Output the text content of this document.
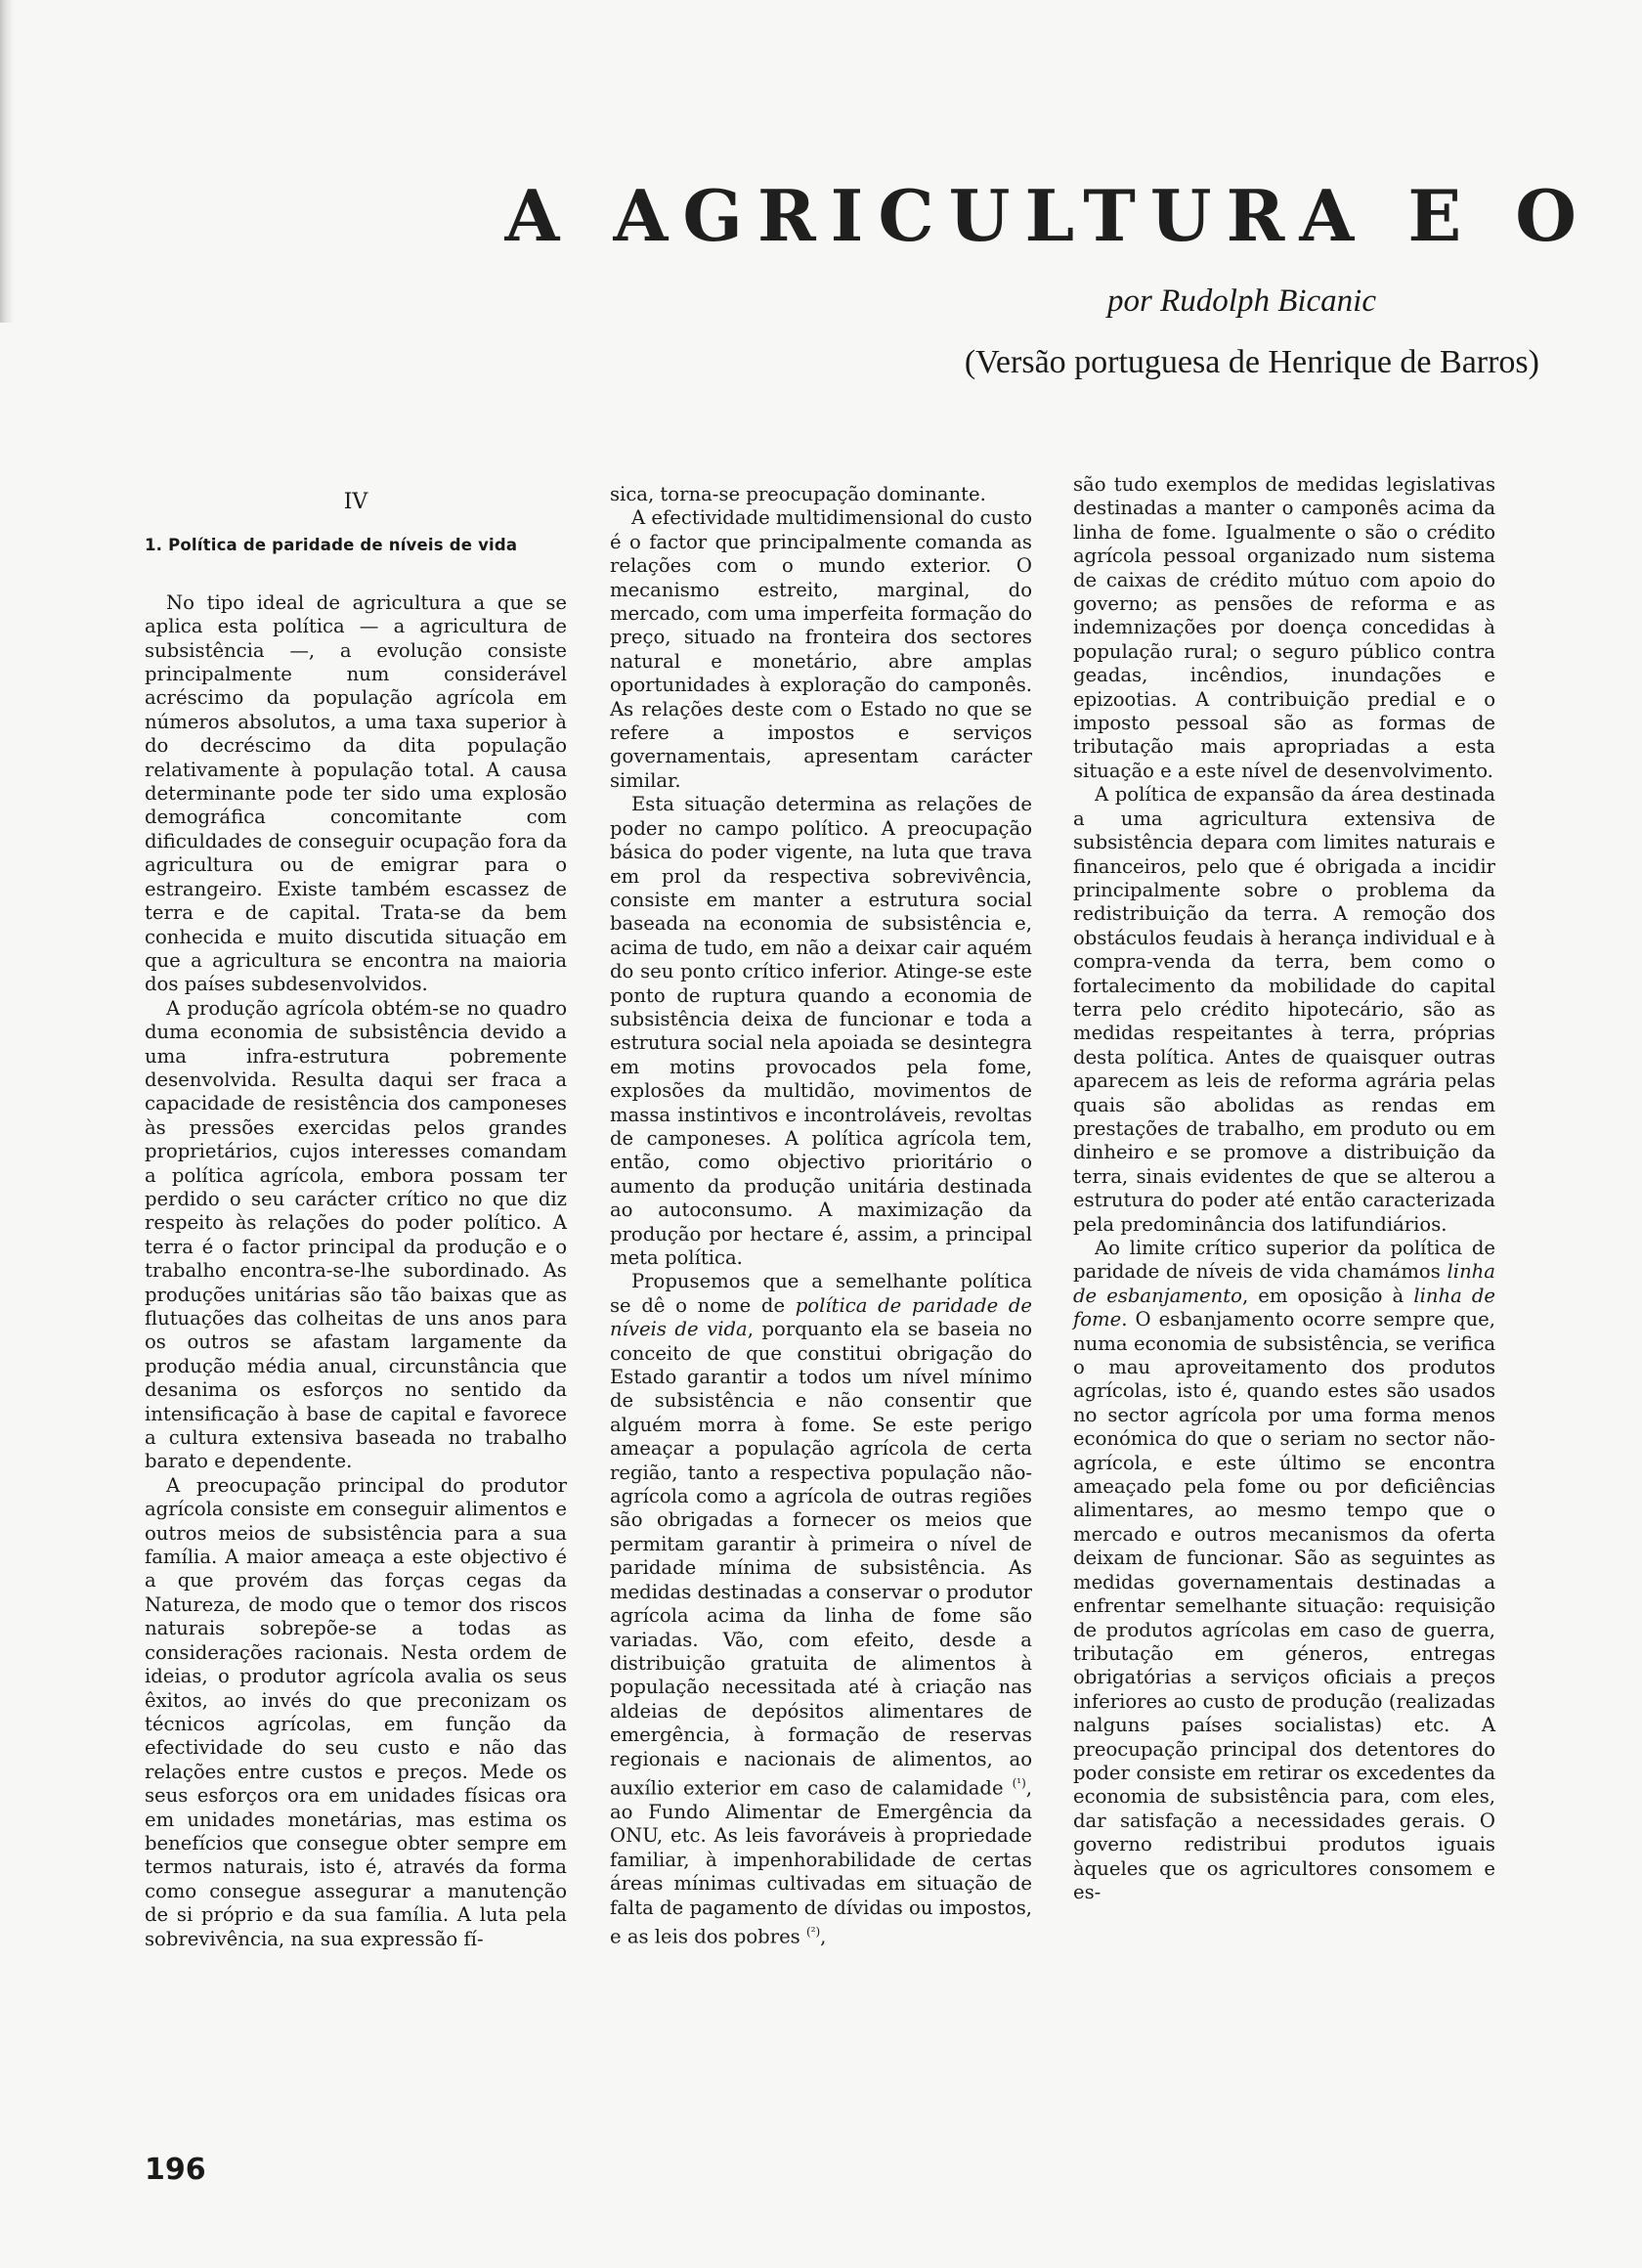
A AGRICULTURA E O
por Rudolph Bicanic
(Versão portuguesa de Henrique de Barros)
IV
1. Política de paridade de níveis de vida

No tipo ideal de agricultura a que se aplica esta política — a agricultura de subsistência —, a evolução consiste principalmente num considerável acréscimo da população agrícola em números absolutos, a uma taxa superior à do decréscimo da dita população relativamente à população total. A causa determinante pode ter sido uma explosão demográfica concomitante com dificuldades de conseguir ocupação fora da agricultura ou de emigrar para o estrangeiro. Existe também escassez de terra e de capital. Trata-se da bem conhecida e muito discutida situação em que a agricultura se encontra na maioria dos países subdesenvolvidos.

A produção agrícola obtém-se no quadro duma economia de subsistência devido a uma infra-estrutura pobremente desenvolvida. Resulta daqui ser fraca a capacidade de resistência dos camponeses às pressões exercidas pelos grandes proprietários, cujos interesses comandam a política agrícola, embora possam ter perdido o seu carácter crítico no que diz respeito às relações do poder político. A terra é o factor principal da produção e o trabalho encontra-se-lhe subordinado. As produções unitárias são tão baixas que as flutuações das colheitas de uns anos para os outros se afastam largamente da produção média anual, circunstância que desanima os esforços no sentido da intensificação à base de capital e favorece a cultura extensiva baseada no trabalho barato e dependente.

A preocupação principal do produtor agrícola consiste em conseguir alimentos e outros meios de subsistência para a sua família. A maior ameaça a este objectivo é a que provém das forças cegas da Natureza, de modo que o temor dos riscos naturais sobrepõe-se a todas as considerações racionais. Nesta ordem de ideias, o produtor agrícola avalia os seus êxitos, ao invés do que preconizam os técnicos agrícolas, em função da efectividade do seu custo e não das relações entre custos e preços. Mede os seus esforços ora em unidades físicas ora em unidades monetárias, mas estima os benefícios que consegue obter sempre em termos naturais, isto é, através da forma como consegue assegurar a manutenção de si próprio e da sua família. A luta pela sobrevivência, na sua expressão fí-

sica, torna-se preocupação dominante.

A efectividade multidimensional do custo é o factor que principalmente comanda as relações com o mundo exterior. O mecanismo estreito, marginal, do mercado, com uma imperfeita formação do preço, situado na fronteira dos sectores natural e monetário, abre amplas oportunidades à exploração do camponês. As relações deste com o Estado no que se refere a impostos e serviços governamentais, apresentam carácter similar.

Esta situação determina as relações de poder no campo político. A preocupação básica do poder vigente, na luta que trava em prol da respectiva sobrevivência, consiste em manter a estrutura social baseada na economia de subsistência e, acima de tudo, em não a deixar cair aquém do seu ponto crítico inferior. Atinge-se este ponto de ruptura quando a economia de subsistência deixa de funcionar e toda a estrutura social nela apoiada se desintegra em motins provocados pela fome, explosões da multidão, movimentos de massa instintivos e incontroláveis, revoltas de camponeses. A política agrícola tem, então, como objectivo prioritário o aumento da produção unitária destinada ao autoconsumo. A maximização da produção por hectare é, assim, a principal meta política.

Propusemos que a semelhante política se dê o nome de política de paridade de níveis de vida, porquanto ela se baseia no conceito de que constitui obrigação do Estado garantir a todos um nível mínimo de subsistência e não consentir que alguém morra à fome. Se este perigo ameaçar a população agrícola de certa região, tanto a respectiva população não-agrícola como a agrícola de outras regiões são obrigadas a fornecer os meios que permitam garantir à primeira o nível de paridade mínima de subsistência. As medidas destinadas a conservar o produtor agrícola acima da linha de fome são variadas. Vão, com efeito, desde a distribuição gratuita de alimentos à população necessitada até à criação nas aldeias de depósitos alimentares de emergência, à formação de reservas regionais e nacionais de alimentos, ao auxílio exterior em caso de calamidade $^{(^1)}$, ao Fundo Alimentar de Emergência da ONU, etc. As leis favoráveis à propriedade familiar, à impenhorabilidade de certas áreas mínimas cultivadas em situação de falta de pagamento de dívidas ou impostos, e as leis dos pobres $^{(^2)}$,

são tudo exemplos de medidas legislativas destinadas a manter o camponês acima da linha de fome. Igualmente o são o crédito agrícola pessoal organizado num sistema de caixas de crédito mútuo com apoio do governo; as pensões de reforma e as indemnizações por doença concedidas à população rural; o seguro público contra geadas, incêndios, inundações e epizootias. A contribuição predial e o imposto pessoal são as formas de tributação mais apropriadas a esta situação e a este nível de desenvolvimento.

A política de expansão da área destinada a uma agricultura extensiva de subsistência depara com limites naturais e financeiros, pelo que é obrigada a incidir principalmente sobre o problema da redistribuição da terra. A remoção dos obstáculos feudais à herança individual e à compra-venda da terra, bem como o fortalecimento da mobilidade do capital terra pelo crédito hipotecário, são as medidas respeitantes à terra, próprias desta política. Antes de quaisquer outras aparecem as leis de reforma agrária pelas quais são abolidas as rendas em prestações de trabalho, em produto ou em dinheiro e se promove a distribuição da terra, sinais evidentes de que se alterou a estrutura do poder até então caracterizada pela predominância dos latifundiários.

Ao limite crítico superior da política de paridade de níveis de vida chamámos linha de esbanjamento, em oposição à linha de fome. O esbanjamento ocorre sempre que, numa economia de subsistência, se verifica o mau aproveitamento dos produtos agrícolas, isto é, quando estes são usados no sector agrícola por uma forma menos económica do que o seriam no sector não-agrícola, e este último se encontra ameaçado pela fome ou por deficiências alimentares, ao mesmo tempo que o mercado e outros mecanismos da oferta deixam de funcionar. São as seguintes as medidas governamentais destinadas a enfrentar semelhante situação: requisição de produtos agrícolas em caso de guerra, tributação em géneros, entregas obrigatórias a serviços oficiais a preços inferiores ao custo de produção (realizadas nalguns países socialistas) etc. A preocupação principal dos detentores do poder consiste em retirar os excedentes da economia de subsistência para, com eles, dar satisfação a necessidades gerais. O governo redistribui produtos iguais àqueles que os agricultores consomem e es-

196
